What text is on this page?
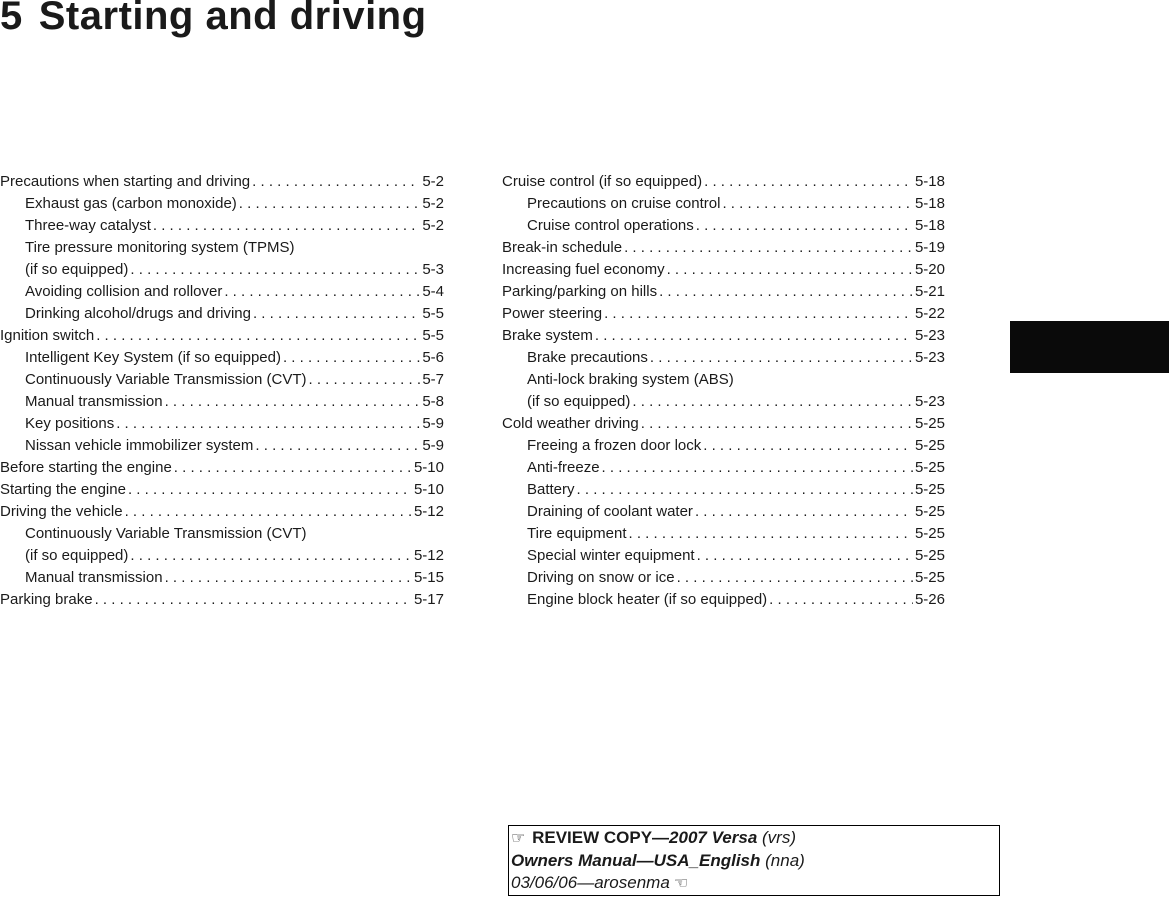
5 Starting and driving
Precautions when starting and driving . . .	5-2
Exhaust gas (carbon monoxide) . . .	5-2
Three-way catalyst . . .	5-2
Tire pressure monitoring system (TPMS)
(if so equipped) . . .	5-3
Avoiding collision and rollover . . .	5-4
Drinking alcohol/drugs and driving . . .	5-5
Ignition switch . . .	5-5
Intelligent Key System (if so equipped) . . .	5-6
Continuously Variable Transmission (CVT) . . .	5-7
Manual transmission . . .	5-8
Key positions . . .	5-9
Nissan vehicle immobilizer system . . .	5-9
Before starting the engine . . .	5-10
Starting the engine . . .	5-10
Driving the vehicle . . .	5-12
Continuously Variable Transmission (CVT)
(if so equipped) . . .	5-12
Manual transmission . . .	5-15
Parking brake . . .	5-17
Cruise control (if so equipped) . . .	5-18
Precautions on cruise control . . .	5-18
Cruise control operations . . .	5-18
Break-in schedule . . .	5-19
Increasing fuel economy . . .	5-20
Parking/parking on hills . . .	5-21
Power steering . . .	5-22
Brake system . . .	5-23
Brake precautions . . .	5-23
Anti-lock braking system (ABS)
(if so equipped) . . .	5-23
Cold weather driving . . .	5-25
Freeing a frozen door lock . . .	5-25
Anti-freeze . . .	5-25
Battery . . .	5-25
Draining of coolant water . . .	5-25
Tire equipment . . .	5-25
Special winter equipment . . .	5-25
Driving on snow or ice . . .	5-25
Engine block heater (if so equipped) . . .	5-26
☞ REVIEW COPY—2007 Versa (vrs)
Owners Manual—USA_English (nna)
03/06/06—arosenma ☜
